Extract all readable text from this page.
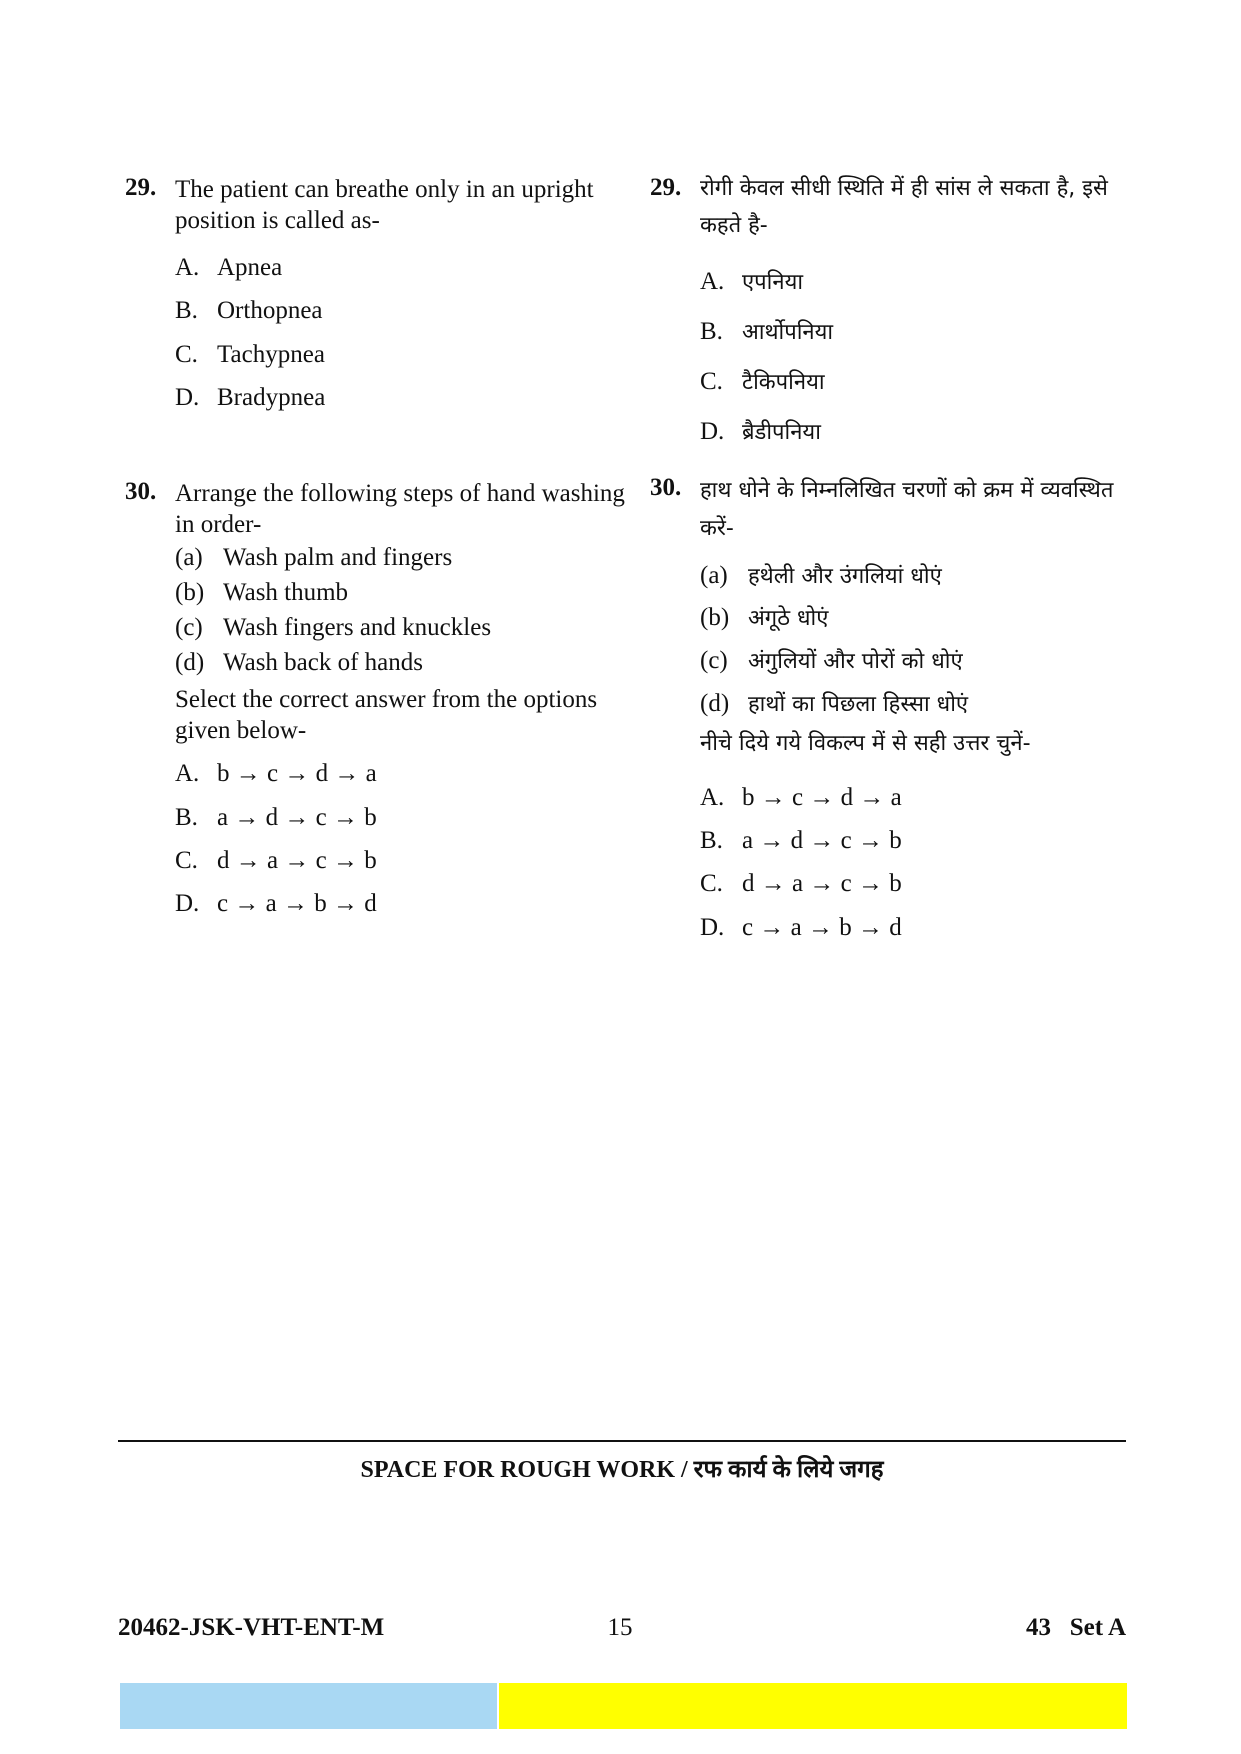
29. The patient can breathe only in an upright position is called as-

A. Apnea
B. Orthopnea
C. Tachypnea
D. Bradypnea
29. रोगी केवल सीधी स्थिति में ही सांस ले सकता है, इसे कहते है-

A. एपनिया
B. आर्थोपनिया
C. टैकिपनिया
D. ब्रैडीपनिया
30. Arrange the following steps of hand washing in order-

(a) Wash palm and fingers
(b) Wash thumb
(c) Wash fingers and knuckles
(d) Wash back of hands

Select the correct answer from the options given below-

A. b → c → d → a
B. a → d → c → b
C. d → a → c → b
D. c → a → b → d
30. हाथ धोने के निम्नलिखित चरणों को क्रम में व्यवस्थित करें-

(a) हथेली और उंगलियां धोएं
(b) अंगूठे धोएं
(c) अंगुलियों और पोरों को धोएं
(d) हाथों का पिछला हिस्सा धोएं

नीचे दिये गये विकल्प में से सही उत्तर चुनें-

A. b → c → d → a
B. a → d → c → b
C. d → a → c → b
D. c → a → b → d
SPACE FOR ROUGH WORK / रफ कार्य के लिये जगह
20462-JSK-VHT-ENT-M	15	43   Set A
